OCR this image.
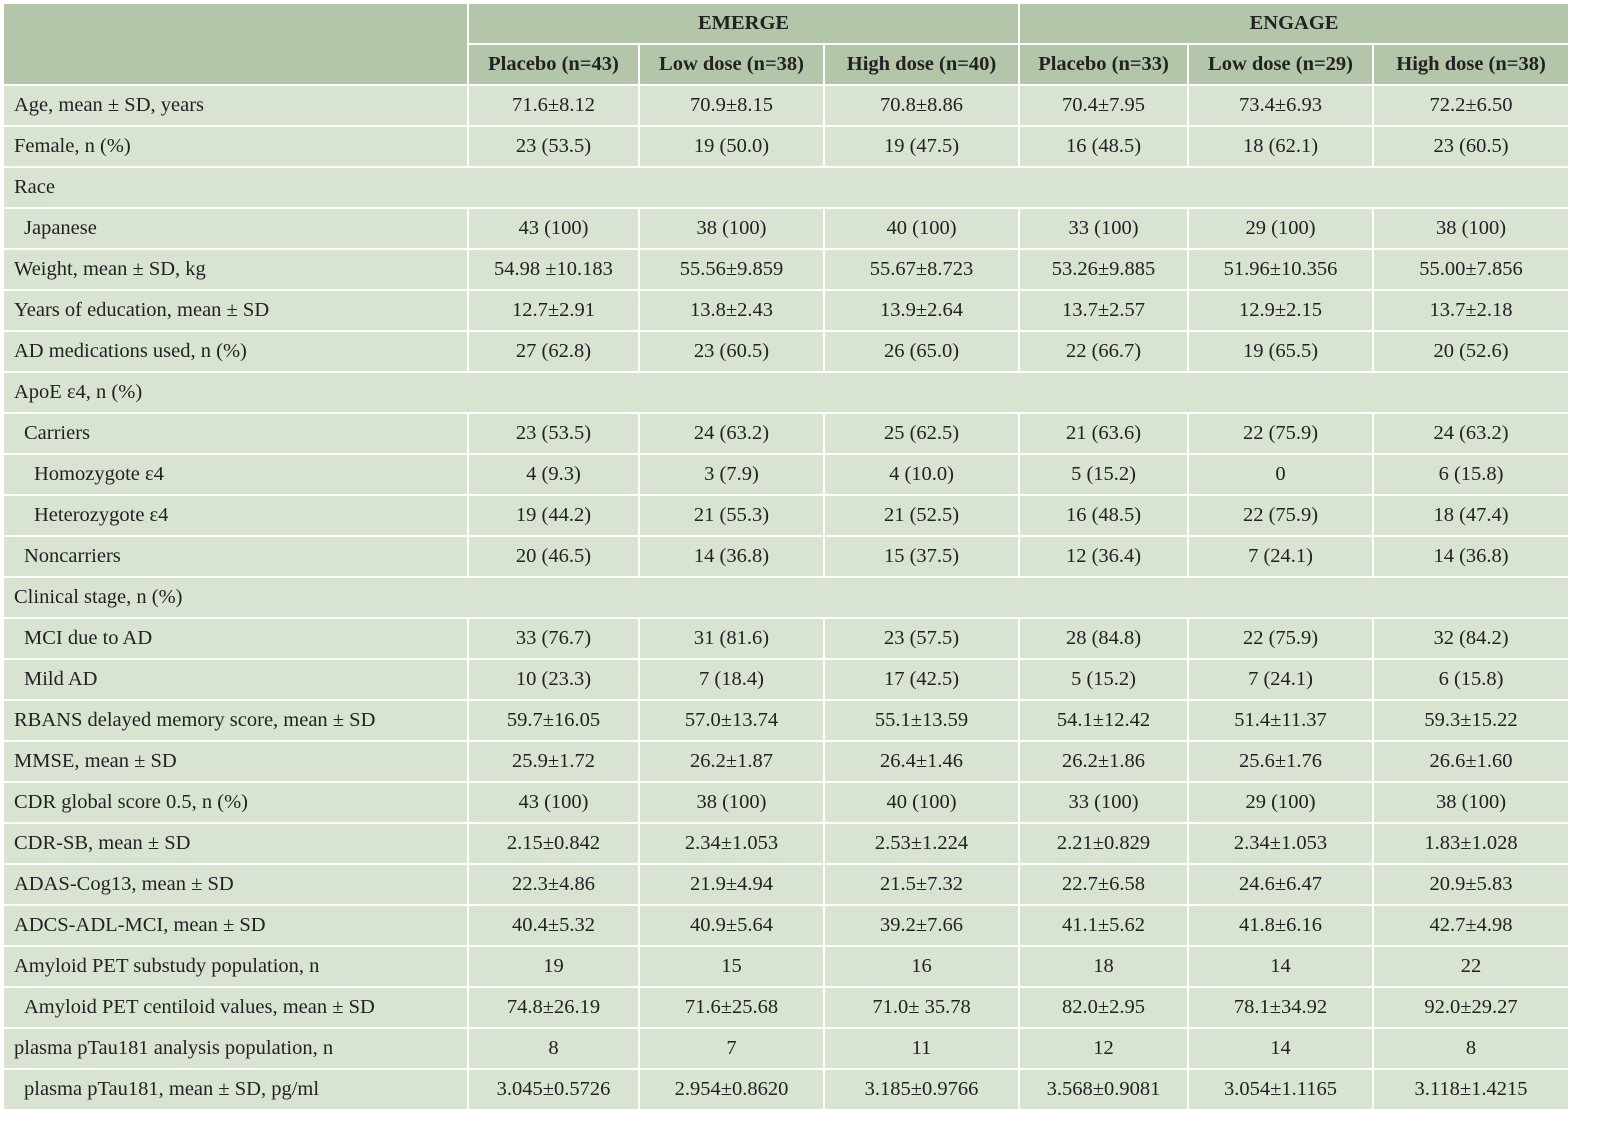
	EMERGE			ENGAGE		
	Placebo (n=43)	Low dose (n=38)	High dose (n=40)	Placebo (n=33)	Low dose (n=29)	High dose (n=38)
Age, mean ± SD, years	71.6±8.12	70.9±8.15	70.8±8.86	70.4±7.95	73.4±6.93	72.2±6.50
Female, n (%)	23 (53.5)	19 (50.0)	19 (47.5)	16 (48.5)	18 (62.1)	23 (60.5)
Race						
Japanese	43 (100)	38 (100)	40 (100)	33 (100)	29 (100)	38 (100)
Weight, mean ± SD, kg	54.98 ±10.183	55.56±9.859	55.67±8.723	53.26±9.885	51.96±10.356	55.00±7.856
Years of education, mean ± SD	12.7±2.91	13.8±2.43	13.9±2.64	13.7±2.57	12.9±2.15	13.7±2.18
AD medications used, n (%)	27 (62.8)	23 (60.5)	26 (65.0)	22 (66.7)	19 (65.5)	20 (52.6)
ApoE ε4, n (%)						
Carriers	23 (53.5)	24 (63.2)	25 (62.5)	21 (63.6)	22 (75.9)	24 (63.2)
Homozygote ε4	4 (9.3)	3 (7.9)	4 (10.0)	5 (15.2)	0	6 (15.8)
Heterozygote ε4	19 (44.2)	21 (55.3)	21 (52.5)	16 (48.5)	22 (75.9)	18 (47.4)
Noncarriers	20 (46.5)	14 (36.8)	15 (37.5)	12 (36.4)	7 (24.1)	14 (36.8)
Clinical stage, n (%)						
MCI due to AD	33 (76.7)	31 (81.6)	23 (57.5)	28 (84.8)	22 (75.9)	32 (84.2)
Mild AD	10 (23.3)	7 (18.4)	17 (42.5)	5 (15.2)	7 (24.1)	6 (15.8)
RBANS delayed memory score, mean ± SD	59.7±16.05	57.0±13.74	55.1±13.59	54.1±12.42	51.4±11.37	59.3±15.22
MMSE, mean ± SD	25.9±1.72	26.2±1.87	26.4±1.46	26.2±1.86	25.6±1.76	26.6±1.60
CDR global score 0.5, n (%)	43 (100)	38 (100)	40 (100)	33 (100)	29 (100)	38 (100)
CDR-SB, mean ± SD	2.15±0.842	2.34±1.053	2.53±1.224	2.21±0.829	2.34±1.053	1.83±1.028
ADAS-Cog13, mean ± SD	22.3±4.86	21.9±4.94	21.5±7.32	22.7±6.58	24.6±6.47	20.9±5.83
ADCS-ADL-MCI, mean ± SD	40.4±5.32	40.9±5.64	39.2±7.66	41.1±5.62	41.8±6.16	42.7±4.98
Amyloid PET substudy population, n	19	15	16	18	14	22
Amyloid PET centiloid values, mean ± SD	74.8±26.19	71.6±25.68	71.0± 35.78	82.0±2.95	78.1±34.92	92.0±29.27
plasma pTau181 analysis population, n	8	7	11	12	14	8
plasma pTau181, mean ± SD, pg/ml	3.045±0.5726	2.954±0.8620	3.185±0.9766	3.568±0.9081	3.054±1.1165	3.118±1.4215
